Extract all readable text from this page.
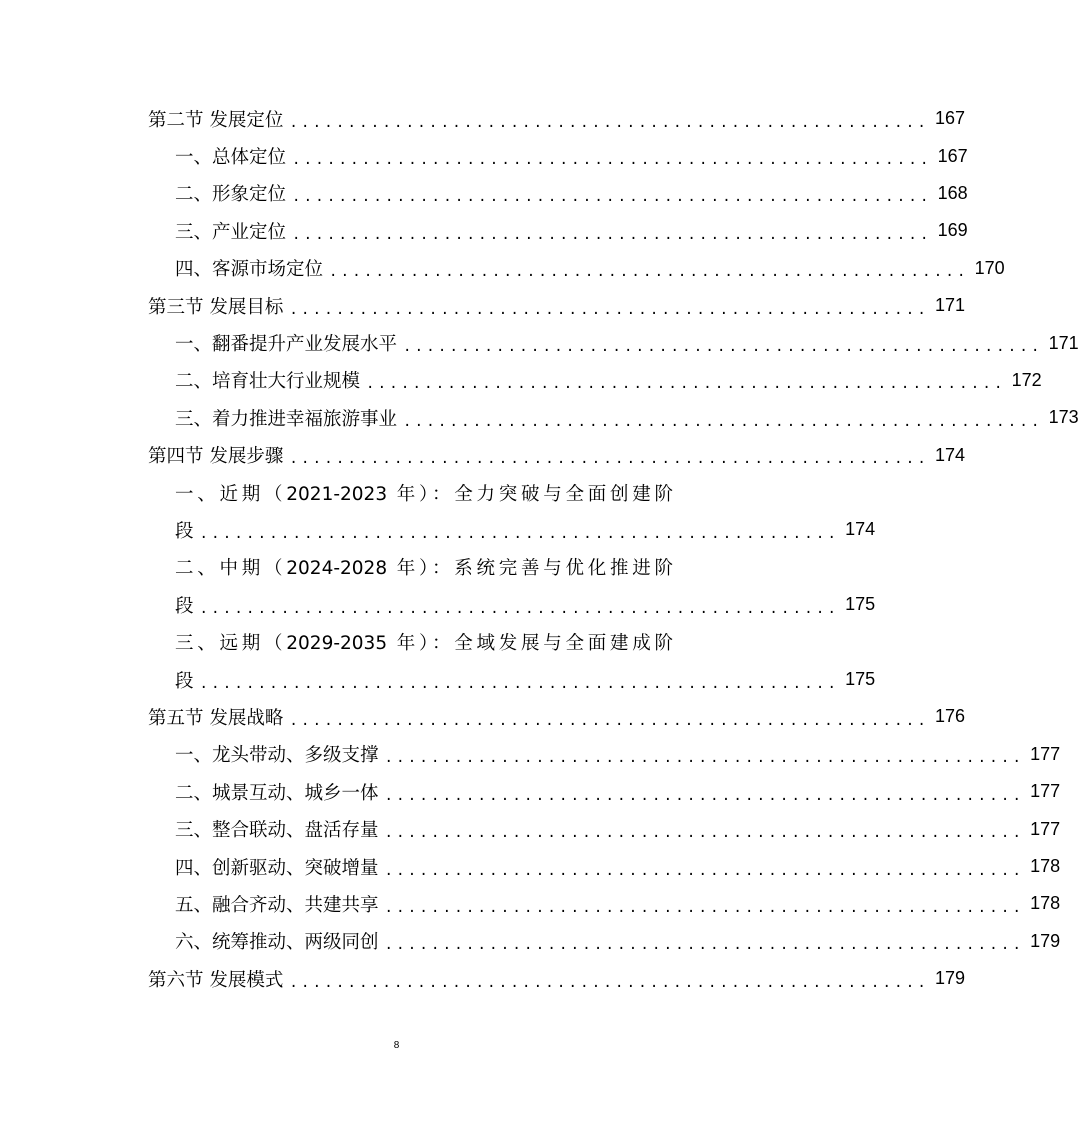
第二节 发展定位 ....................................................... 167
一、总体定位 ....................................................... 167
二、形象定位 ....................................................... 168
三、产业定位 ....................................................... 169
四、客源市场定位 ....................................................... 170
第三节 发展目标 ....................................................... 171
一、翻番提升产业发展水平 ....................................................... 171
二、培育壮大行业规模 ....................................................... 172
三、着力推进幸福旅游事业 ....................................................... 173
第四节 发展步骤 ....................................................... 174
一、近期（2021-2023 年）：全力突破与全面创建阶
段 ....................................................... 174
二、中期（2024-2028 年）：系统完善与优化推进阶
段 ....................................................... 175
三、远期（2029-2035 年）：全域发展与全面建成阶
段 ....................................................... 175
第五节 发展战略 ....................................................... 176
一、龙头带动、多级支撑 ....................................................... 177
二、城景互动、城乡一体 ....................................................... 177
三、整合联动、盘活存量 ....................................................... 177
四、创新驱动、突破增量 ....................................................... 178
五、融合齐动、共建共享 ....................................................... 178
六、统筹推动、两级同创 ....................................................... 179
第六节 发展模式 ....................................................... 179
8
